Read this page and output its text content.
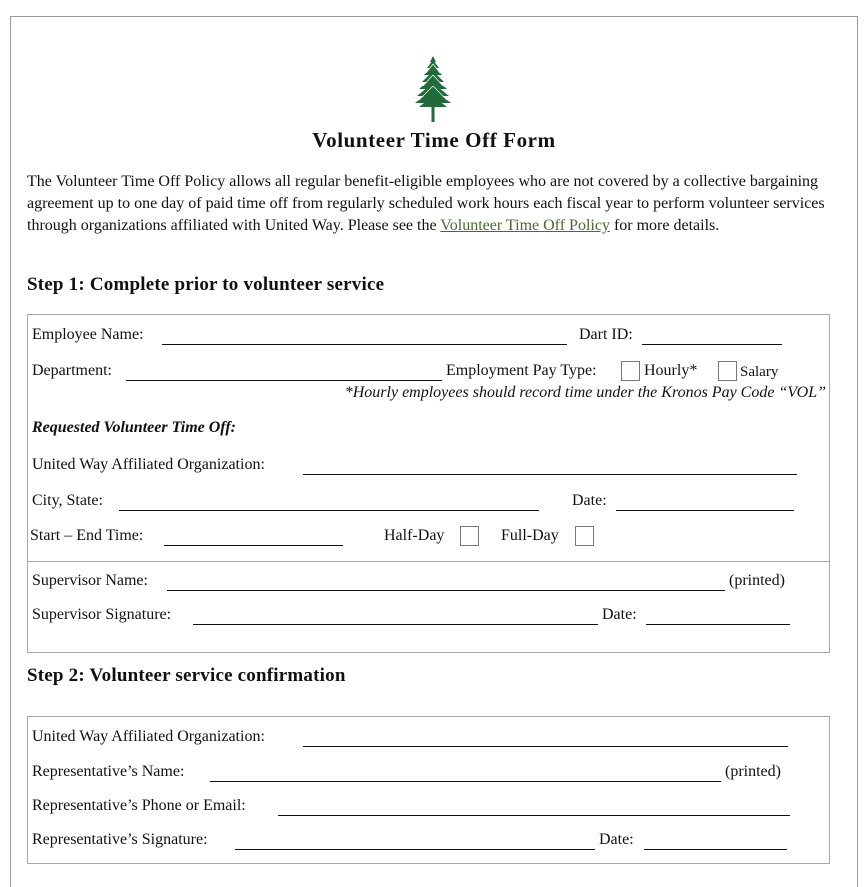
Volunteer Time Off Form
The Volunteer Time Off Policy allows all regular benefit-eligible employees who are not covered by a collective bargaining agreement up to one day of paid time off from regularly scheduled work hours each fiscal year to perform volunteer services through organizations affiliated with United Way. Please see the Volunteer Time Off Policy for more details.
Step 1: Complete prior to volunteer service
Employee Name:	Dart ID:
Department:	Employment Pay Type:	Hourly*	Salary
*Hourly employees should record time under the Kronos Pay Code “VOL”
Requested Volunteer Time Off:
United Way Affiliated Organization:
City, State:	Date:
Start – End Time:	Half-Day	Full-Day
Supervisor Name:	(printed)
Supervisor Signature:	Date:
Step 2: Volunteer service confirmation
United Way Affiliated Organization:
Representative’s Name:	(printed)
Representative’s Phone or Email:
Representative’s Signature:	Date:
